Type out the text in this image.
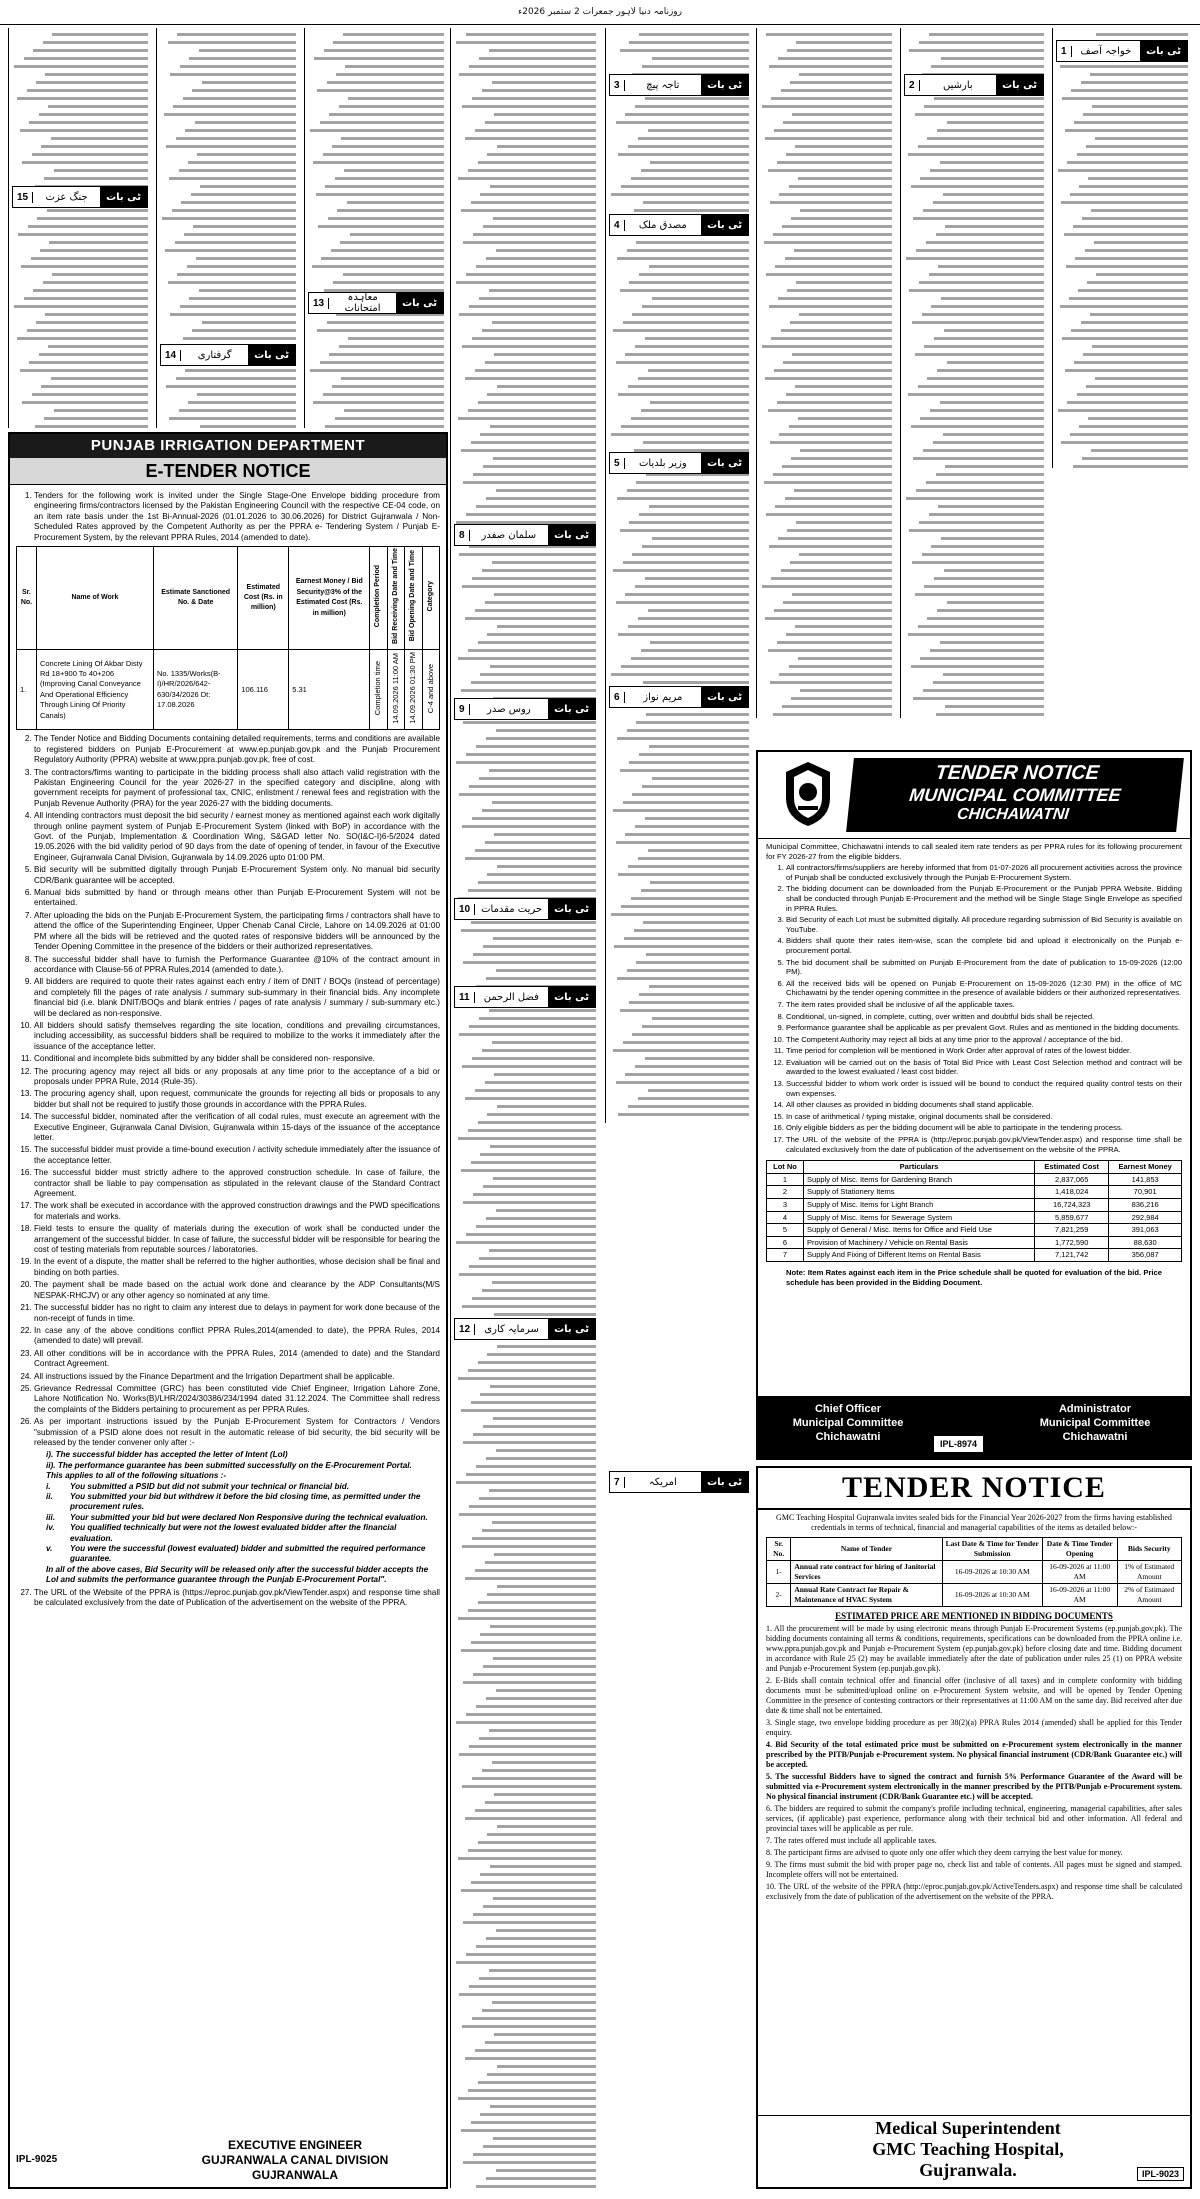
روزنامہ دنیا لاہور جمعرات 2 ستمبر 2026ء
ٹی بات
خواجہ آصف
1
ٹی بات
بارشیں
2
ٹی بات
تاجہ پیچ
3
ٹی بات
مصدق ملک
4
ٹی بات
وزیر بلدیات
5
ٹی بات
مریم نواز
6
ٹی بات
امریکہ
7
ٹی بات
سلمان صفدر
8
ٹی بات
روس صدر
9
ٹی بات
حریت مقدمات
10
ٹی بات
فضل الرحمن
11
ٹی بات
سرمایہ کاری
12
ٹی بات
معاہدہ امتحانات
13
ٹی بات
گرفتاری
14
ٹی بات
جنگ عزت
15
PUNJAB IRRIGATION DEPARTMENT
E-TENDER NOTICE
1. Tenders for the following work is invited under the Single Stage-One Envelope bidding procedure from engineering firms/contractors licensed by the Pakistan Engineering Council with the respective CE-04 code, on an item rate basis under the 1st Bi-Annual-2026 (01.01.2026 to 30.06.2026) for District Gujranwala / Non-Scheduled Rates approved by the Competent Authority as per the PPRA e- Tendering System / Punjab E-Procurement System, by the relevant PPRA Rules, 2014 (amended to date).
Sr. No.	Name of Work	Estimate Sanctioned No. & Date	Estimated Cost (Rs. in million)	Earnest Money / Bid Security@3% of the Estimated Cost (Rs. in million)	Completion Period	Bid Receiving Date and Time	Bid Opening Date and Time	Category
1.	Concrete Lining Of Akbar Disty Rd 18+900 To 40+206 (Improving Canal Conveyance And Operational Efficiency Through Lining Of Priority Canals)	No. 1335/Works(B-I)/HR/2026/642-630/34/2026 Dt: 17.08.2026	106.116	5.31	Completion time	14.09.2026 11:00 AM	14.09.2026 01:30 PM	C-4 and above
2. The Tender Notice and Bidding Documents containing detailed requirements, terms and conditions are available to registered bidders on Punjab E-Procurement at www.ep.punjab.gov.pk and the Punjab Procurement Regulatory Authority (PPRA) website at www.ppra.punjab.gov.pk, free of cost.
3. The contractors/firms wanting to participate in the bidding process shall also attach valid registration with the Pakistan Engineering Council for the year 2026-27 in the specified category and discipline, along with government receipts for payment of professional tax, CNIC, enlistment / renewal fees and registration with the Punjab Revenue Authority (PRA) for the year 2026-27 with the bidding documents.
4. All intending contractors must deposit the bid security / earnest money as mentioned against each work digitally through online payment system of Punjab E-Procurement System (linked with BoP) in accordance with the Govt. of the Punjab, Implementation & Coordination Wing, S&GAD letter No. SO(I&C-I)6-5/2024 dated 19.05.2026 with the bid validity period of 90 days from the date of opening of tender, in favour of the Executive Engineer, Gujranwala Canal Division, Gujranwala by 14.09.2026 upto 01:00 PM.
5. Bid security will be submitted digitally through Punjab E-Procurement System only. No manual bid security CDR/Bank guarantee will be accepted.
6. Manual bids submitted by hand or through means other than Punjab E-Procurement System will not be entertained.
7. After uploading the bids on the Punjab E-Procurement System, the participating firms / contractors shall have to attend the office of the Superintending Engineer, Upper Chenab Canal Circle, Lahore on 14.09.2026 at 01:00 PM where all the bids will be retrieved and the quoted rates of responsive bidders will be announced by the Tender Opening Committee in the presence of the bidders or their authorized representatives.
8. The successful bidder shall have to furnish the Performance Guarantee @10% of the contract amount in accordance with Clause-56 of PPRA Rules,2014 (amended to date.).
9. All bidders are required to quote their rates against each entry / item of DNIT / BOQs (instead of percentage) and completely fill the pages of rate analysis / summary sub-summary in their financial bids. Any incomplete financial bid (i.e. blank DNIT/BOQs and blank entries / pages of rate analysis / summary / sub-summary etc.) will be declared as non-responsive.
10. All bidders should satisfy themselves regarding the site location, conditions and prevailing circumstances, including accessibility, as successful bidders shall be required to mobilize to the works it immediately after the issuance of the acceptance letter.
11. Conditional and incomplete bids submitted by any bidder shall be considered non- responsive.
12. The procuring agency may reject all bids or any proposals at any time prior to the acceptance of a bid or proposals under PPRA Rule, 2014 (Rule-35).
13. The procuring agency shall, upon request, communicate the grounds for rejecting all bids or proposals to any bidder but shall not be required to justify those grounds in accordance with the PPRA Rules.
14. The successful bidder, nominated after the verification of all codal rules, must execute an agreement with the Executive Engineer, Gujranwala Canal Division, Gujranwala within 15-days of the issuance of the acceptance letter.
15. The successful bidder must provide a time-bound execution / activity schedule immediately after the issuance of the acceptance letter.
16. The successful bidder must strictly adhere to the approved construction schedule. In case of failure, the contractor shall be liable to pay compensation as stipulated in the relevant clause of the Standard Contract Agreement.
17. The work shall be executed in accordance with the approved construction drawings and the PWD specifications for materials and works.
18. Field tests to ensure the quality of materials during the execution of work shall be conducted under the arrangement of the successful bidder. In case of failure, the successful bidder will be responsible for bearing the cost of testing materials from reputable sources / laboratories.
19. In the event of a dispute, the matter shall be referred to the higher authorities, whose decision shall be final and binding on both parties.
20. The payment shall be made based on the actual work done and clearance by the ADP Consultants(M/S NESPAK-RHCJV) or any other agency so nominated at any time.
21. The successful bidder has no right to claim any interest due to delays in payment for work done because of the non-receipt of funds in time.
22. In case any of the above conditions conflict PPRA Rules,2014(amended to date), the PPRA Rules, 2014 (amended to date) will prevail.
23. All other conditions will be in accordance with the PPRA Rules, 2014 (amended to date) and the Standard Contract Agreement.
24. All instructions issued by the Finance Department and the Irrigation Department shall be applicable.
25. Grievance Redressal Committee (GRC) has been constituted vide Chief Engineer, Irrigation Lahore Zone, Lahore Notification No. Works(B)/LHR/2024/30386/234/1994 dated 31.12.2024. The Committee shall redress the complaints of the Bidders pertaining to procurement as per PPRA Rules.
26. As per important instructions issued by the Punjab E-Procurement System for Contractors / Vendors "submission of a PSID alone does not result in the automatic release of bid security, the bid security will be released by the tender convener only after :-
i). The successful bidder has accepted the letter of Intent (LoI)
ii). The performance guarantee has been submitted successfully on the E-Procurement Portal.
This applies to all of the following situations :-
i.	You submitted a PSID but did not submit your technical or financial bid.
ii.	You submitted your bid but withdrew it before the bid closing time, as permitted under the procurement rules.
iii.	Your submitted your bid but were declared Non Responsive during the technical evaluation.
iv.	You qualified technically but were not the lowest evaluated bidder after the financial evaluation.
v.	You were the successful (lowest evaluated) bidder and submitted the required performance guarantee.
In all of the above cases, Bid Security will be released only after the successful bidder accepts the LoI and submits the performance guarantee through the Punjab E-Procurement Portal".
27. The URL of the Website of the PPRA is (https://eproc.punjab.gov.pk/ViewTender.aspx) and response time shall be calculated exclusively from the date of Publication of the advertisement on the website of the PPRA.
IPL-9025
EXECUTIVE ENGINEER
GUJRANWALA CANAL DIVISION
GUJRANWALA
TENDER NOTICE
MUNICIPAL COMMITTEE
CHICHAWATNI

Municipal Committee, Chichawatni intends to call sealed item rate tenders as per PPRA rules for its following procurement for FY 2026-27 from the eligible bidders.

1. All contractors/firms/suppliers are hereby informed that from 01-07-2026 all procurement activities across the province of Punjab shall be conducted exclusively through the Punjab E-Procurement System.
2. The bidding document can be downloaded from the Punjab E-Procurement or the Punjab PPRA Website. Bidding shall be conducted through Punjab E-Procurement and the method will be Single Stage Single Envelope as specified in PPRA Rules.
3. Bid Security of each Lot must be submitted digitally. All procedure regarding submission of Bid Security is available on YouTube.
4. Bidders shall quote their rates item-wise, scan the complete bid and upload it electronically on the Punjab e-procurement portal.
5. The bid document shall be submitted on Punjab E-Procurement from the date of publication to 15-09-2026 (12:00 PM).
6. All the received bids will be opened on Punjab E-Procurement on 15-09-2026 (12:30 PM) in the office of MC Chichawatni by the tender opening committee in the presence of available bidders or their authorized representatives.
7. The item rates provided shall be inclusive of all the applicable taxes.
8. Conditional, un-signed, in complete, cutting, over written and doubtful bids shall be rejected.
9. Performance guarantee shall be applicable as per prevalent Govt. Rules and as mentioned in the bidding documents.
10. The Competent Authority may reject all bids at any time prior to the approval / acceptance of the bid.
11. Time period for completion will be mentioned in Work Order after approval of rates of the lowest bidder.
12. Evaluation will be carried out on the basis of Total Bid Price with Least Cost Selection method and contract will be awarded to the lowest evaluated / least cost bidder.
13. Successful bidder to whom work order is issued will be bound to conduct the required quality control tests on their own expenses.
14. All other clauses as provided in bidding documents shall stand applicable.
15. In case of arithmetical / typing mistake, original documents shall be considered.
16. Only eligible bidders as per the bidding document will be able to participate in the tendering process.
17. The URL of the website of the PPRA is (http://eproc.punjab.gov.pk/ViewTender.aspx) and response time shall be calculated exclusively from the date of publication of the advertisement on the website of the PPRA.
Lot No	Particulars	Estimated Cost	Earnest Money
1	Supply of Misc. Items for Gardening Branch	2,837,065	141,853
2	Supply of Stationery Items	1,418,024	70,901
3	Supply of Misc. Items for Light Branch	16,724,323	836,216
4	Supply of Misc. Items for Sewerage System	5,859,677	292,984
5	Supply of General / Misc. Items for Office and Field Use	7,821,259	391,063
6	Provision of Machinery / Vehicle on Rental Basis	1,772,590	88,630
7	Supply And Fixing of Different Items on Rental Basis	7,121,742	356,087

Note: Item Rates against each item in the Price schedule shall be quoted for evaluation of the bid. Price schedule has been provided in the Bidding Document.

Chief Officer
Municipal Committee
Chichawatni
IPL-8974
Administrator
Municipal Committee
Chichawatni
TENDER NOTICE

GMC Teaching Hospital Gujranwala invites sealed bids for the Financial Year 2026-2027 from the firms having established credentials in terms of technical, financial and managerial capabilities of the items as detailed below:-

Sr. No.	Name of Tender	Last Date & Time for Tender Submission	Date & Time Tender Opening	Bids Security
1-	Annual rate contract for hiring of Janitorial Services	16-09-2026 at 10:30 AM	16-09-2026 at 11:00 AM	1% of Estimated Amount
2-	Annual Rate Contract for Repair & Maintenance of HVAC System	16-09-2026 at 10:30 AM	16-09-2026 at 11:00 AM	2% of Estimated Amount

ESTIMATED PRICE ARE MENTIONED IN BIDDING DOCUMENTS

1. All the procurement will be made by using electronic means through Punjab E-Procurement Systems (ep.punjab.gov.pk). The bidding documents containing all terms & conditions, requirements, specifications can be downloaded from the PPRA online i.e. www.ppra.punjab.gov.pk and Punjab e-Procurement System (ep.punjab.gov.pk) before closing date and time. Bidding document in accordance with Rule 25 (2) may be available immediately after the date of publication under rules 25 (1) on PPRA website and Punjab e-Procurement System (ep.punjab.gov.pk).

2. E-Bids shall contain technical offer and financial offer (inclusive of all taxes) and in complete conformity with bidding documents must be submitted/upload online on e-Procurement System website, and will be opened by Tender Opening Committee in the presence of contesting contractors or their representatives at 11:00 AM on the same day. Bid received after due date & time shall not be entertained.

3. Single stage, two envelope bidding procedure as per 38(2)(a) PPRA Rules 2014 (amended) shall be applied for this Tender enquiry.

4. Bid Security of the total estimated price must be submitted on e-Procurement system electronically in the manner prescribed by the PITB/Punjab e-Procurement system. No physical financial instrument (CDR/Bank Guarantee etc.) will be accepted.

5. The successful Bidders have to signed the contract and furnish 5% Performance Guarantee of the Award will be submitted via e-Procurement system electronically in the manner prescribed by the PITB/Punjab e-Procurement system. No physical financial instrument (CDR/Bank Guarantee etc.) will be accepted.

6. The bidders are required to submit the company's profile including technical, engineering, managerial capabilities, after sales services, (if applicable) past experience, performance along with their technical bid and other information. All federal and provincial taxes will be applicable as per rule.

7. The rates offered must include all applicable taxes.

8. The participant firms are advised to quote only one offer which they deem carrying the best value for money.

9. The firms must submit the bid with proper page no, check list and table of contents. All pages must be signed and stamped. Incomplete offers will not be entertained.

10. The URL of the website of the PPRA (http://eproc.punjab.gov.pk/ActiveTenders.aspx) and response time shall be calculated exclusively from the date of publication of the advertisement on the website of the PPRA.

Medical Superintendent
GMC Teaching Hospital,
Gujranwala.	IPL-9023
